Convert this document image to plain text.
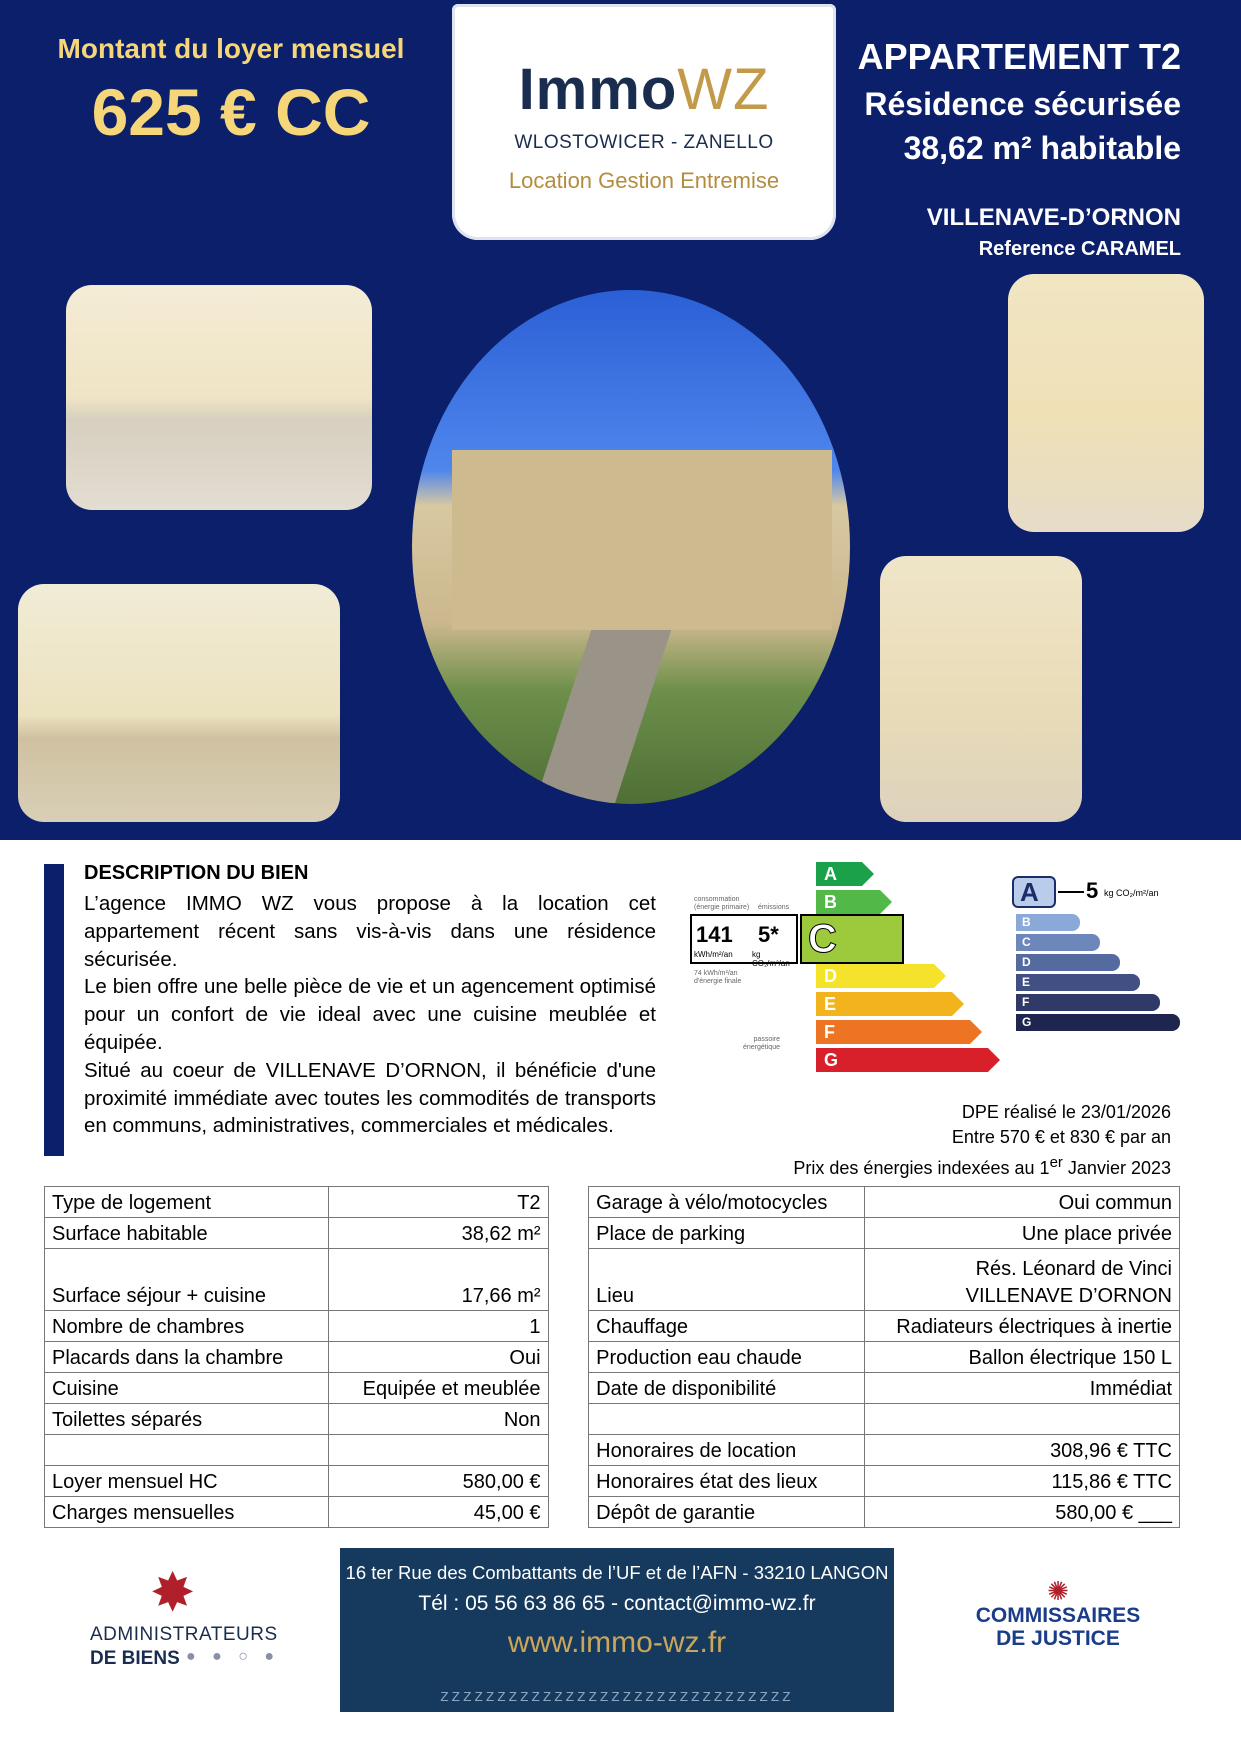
Montant du loyer mensuel
625 € CC	ImmoWZ
WLOSTOWICER - ZANELLO
Location Gestion Entremise
APPARTEMENT T2
Résidence sécurisée
38,62 m² habitable
VILLENAVE-D’ORNON
Reference CARAMEL
DESCRIPTION DU BIEN

L’agence IMMO WZ vous propose à la location cet appartement récent sans vis-à-vis dans une résidence sécurisée.

Le bien offre une belle pièce de vie et un agencement optimisé pour un confort de vie ideal avec une cuisine meublée et équipée.

Situé au coeur de VILLENAVE D’ORNON, il bénéficie d'une proximité immédiate avec toutes les commodités de transports en communs, administratives, commerciales et médicales.

consommation (énergie primaire)	émissions
141 5*
kWh/m²/an kg CO₂/m²/an
74 kWh/m²/an d'énergie finale
passoire énergétique
A
B
D
E
F
G
C
A	5 kg CO₂/m²/an
B
C
D
E
F
G
DPE réalisé le 23/01/2026
Entre 570 € et 830 € par an
Prix des énergies indexées au 1er Janvier 2023
Type de logement	T2		Garage à vélo/motocycles	Oui commun
Surface habitable	38,62 m²		Place de parking	Une place privée
Surface séjour + cuisine	17,66 m²		Lieu	Rés. Léonard de Vinci
VILLENAVE D’ORNON

Nombre de chambres	1		Chauffage	Radiateurs électriques à inertie
Placards dans la chambre	Oui		Production eau chaude	Ballon électrique 150 L
Cuisine	Equipée et meublée		Date de disponibilité	Immédiat
Toilettes séparés	Non			
			Honoraires de location	308,96 € TTC
Loyer mensuel HC	580,00 €		Honoraires état des lieux	115,86 € TTC
Charges mensuelles	45,00 €		Dépôt de garantie	580,00 € ___
✸
ADMINISTRATEURS
DE BIENS ● ● ○ ●
16 ter Rue des Combattants de l’UF et de l’AFN - 33210 LANGON
Tél : 05 56 63 86 65 - contact@immo-wz.fr
www.immo-wz.fr
ZZZZZZZZZZZZZZZZZZZZZZZZZZZZZZZ
✺
COMMISSAIRES
DE JUSTICE
